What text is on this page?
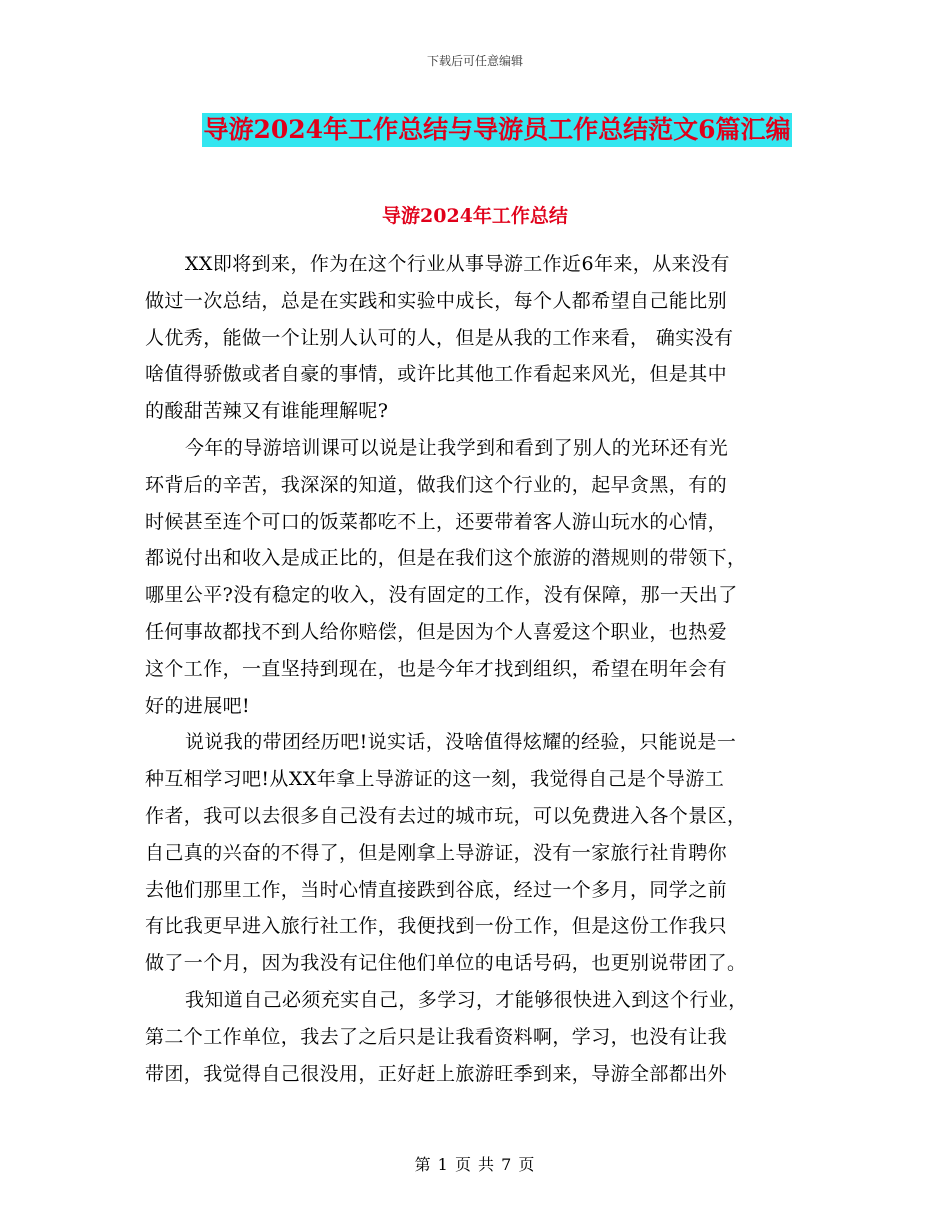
下载后可任意编辑
导游2024年工作总结与导游员工作总结范文6篇汇编
导游2024年工作总结
XX即将到来，作为在这个行业从事导游工作近6年来，从来没有
做过一次总结，总是在实践和实验中成长，每个人都希望自己能比别
人优秀，能做一个让别人认可的人，但是从我的工作来看， 确实没有
啥值得骄傲或者自豪的事情，或许比其他工作看起来风光，但是其中
的酸甜苦辣又有谁能理解呢?
今年的导游培训课可以说是让我学到和看到了别人的光环还有光
环背后的辛苦，我深深的知道，做我们这个行业的，起早贪黑，有的
时候甚至连个可口的饭菜都吃不上，还要带着客人游山玩水的心情，
都说付出和收入是成正比的，但是在我们这个旅游的潜规则的带领下，
哪里公平?没有稳定的收入，没有固定的工作，没有保障，那一天出了
任何事故都找不到人给你赔偿，但是因为个人喜爱这个职业，也热爱
这个工作，一直坚持到现在，也是今年才找到组织，希望在明年会有
好的进展吧!
说说我的带团经历吧!说实话，没啥值得炫耀的经验，只能说是一
种互相学习吧!从XX年拿上导游证的这一刻，我觉得自己是个导游工
作者，我可以去很多自己没有去过的城市玩，可以免费进入各个景区，
自己真的兴奋的不得了，但是刚拿上导游证，没有一家旅行社肯聘你
去他们那里工作，当时心情直接跌到谷底，经过一个多月，同学之前
有比我更早进入旅行社工作，我便找到一份工作，但是这份工作我只
做了一个月，因为我没有记住他们单位的电话号码，也更别说带团了。
我知道自己必须充实自己，多学习，才能够很快进入到这个行业，
第二个工作单位，我去了之后只是让我看资料啊，学习，也没有让我
带团，我觉得自己很没用，正好赶上旅游旺季到来，导游全部都出外
第 1 页 共 7 页
